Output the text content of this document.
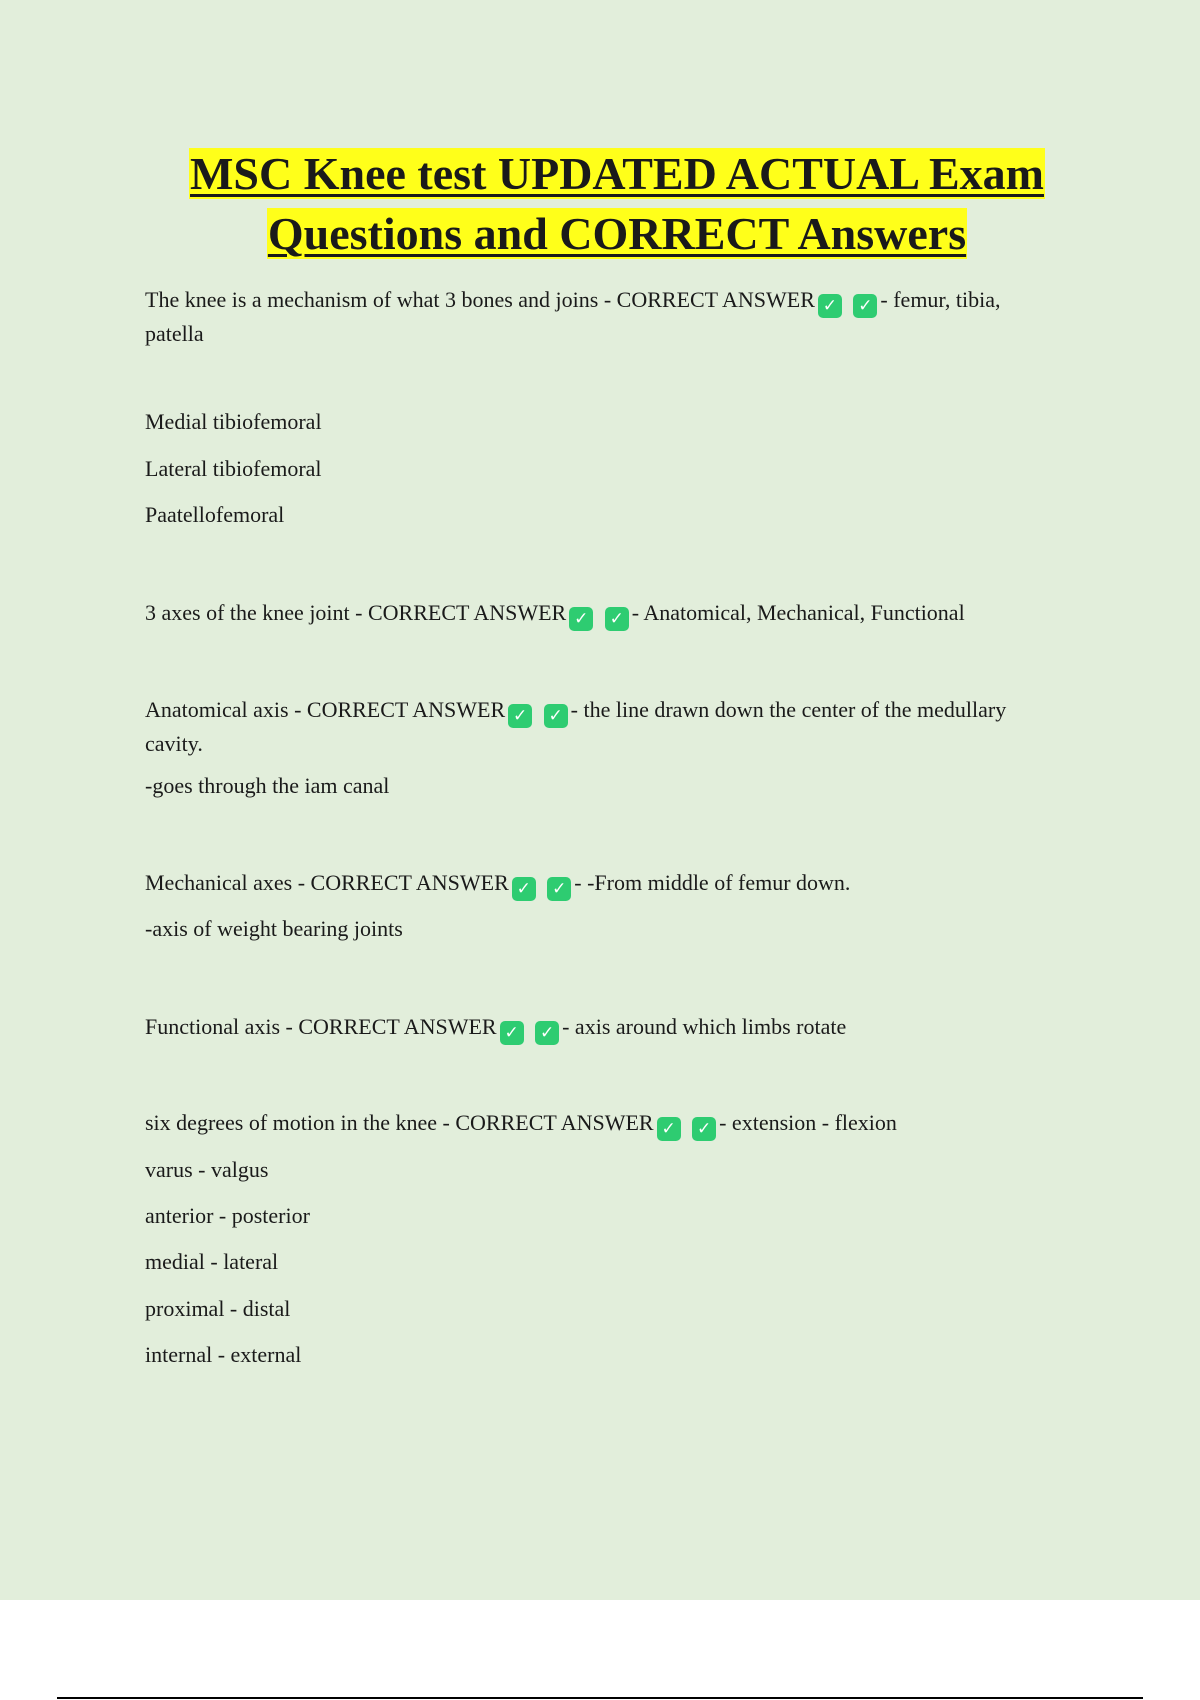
MSC Knee test UPDATED ACTUAL Exam
Questions and CORRECT Answers

The knee is a mechanism of what 3 bones and joins - CORRECT ANSWER ✓ ✓ - femur, tibia,
patella

Medial tibiofemoral

Lateral tibiofemoral

Paatellofemoral

3 axes of the knee joint - CORRECT ANSWER ✓ ✓ - Anatomical, Mechanical, Functional

Anatomical axis - CORRECT ANSWER ✓ ✓ - the line drawn down the center of the medullary
cavity.

-goes through the iam canal

Mechanical axes - CORRECT ANSWER ✓ ✓ - -From middle of femur down.

-axis of weight bearing joints

Functional axis - CORRECT ANSWER ✓ ✓ - axis around which limbs rotate

six degrees of motion in the knee - CORRECT ANSWER ✓ ✓ - extension - flexion

varus - valgus

anterior - posterior

medial - lateral

proximal - distal

internal - external
